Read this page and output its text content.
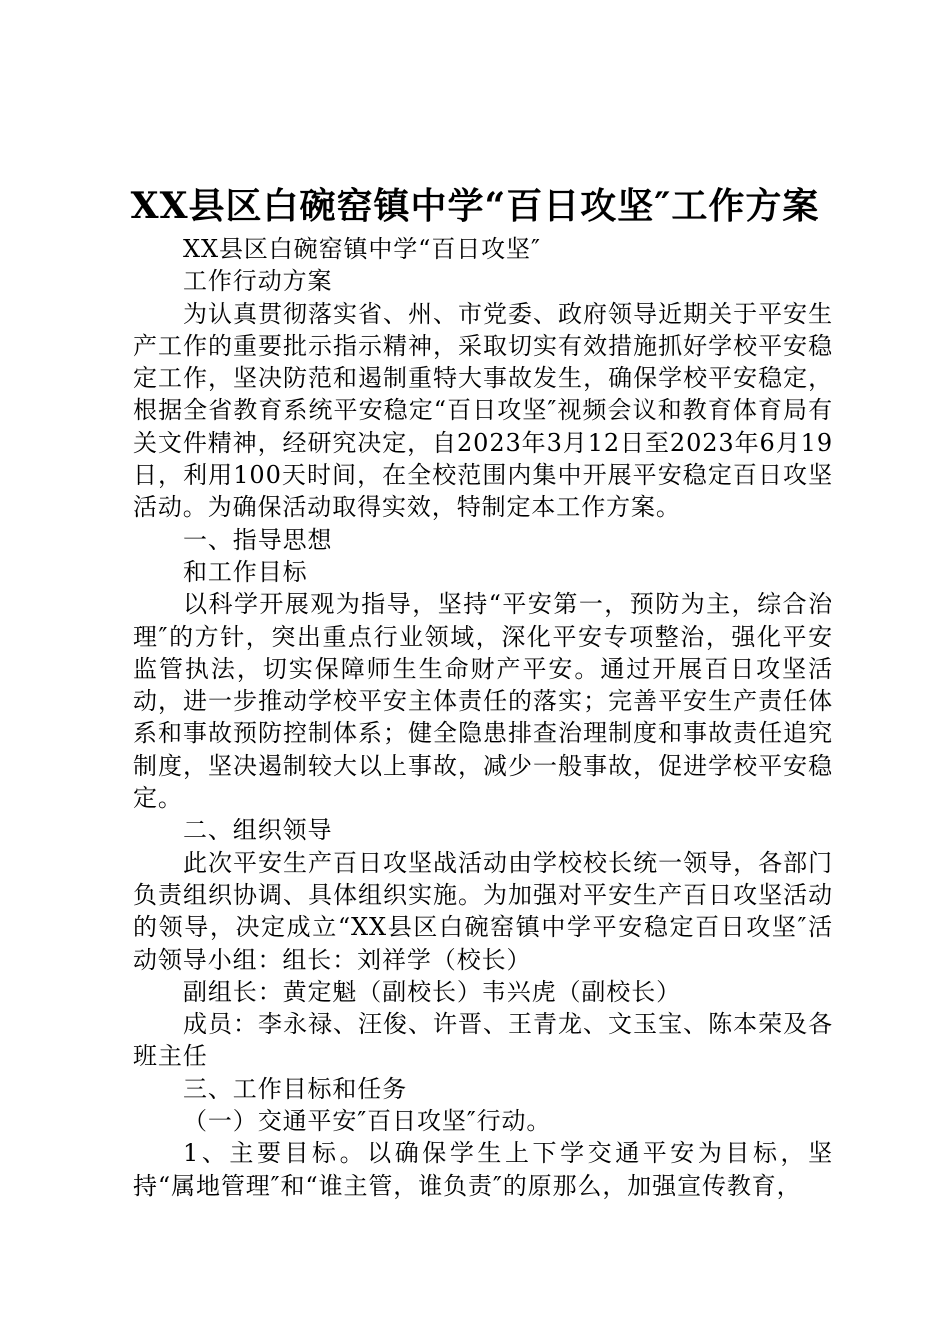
XX县区白碗窑镇中学“百日攻坚″工作方案

XX县区白碗窑镇中学“百日攻坚″

工作行动方案

为认真贯彻落实省、州、市党委、政府领导近期关于平安生产工作的重要批示指示精神，采取切实有效措施抓好学校平安稳定工作，坚决防范和遏制重特大事故发生，确保学校平安稳定，根据全省教育系统平安稳定“百日攻坚″视频会议和教育体育局有关文件精神，经研究决定，自2023年3月12日至2023年6月19日，利用100天时间，在全校范围内集中开展平安稳定百日攻坚活动。为确保活动取得实效，特制定本工作方案。

一、指导思想

和工作目标

以科学开展观为指导，坚持“平安第一，预防为主，综合治理″的方针，突出重点行业领域，深化平安专项整治，强化平安监管执法，切实保障师生生命财产平安。通过开展百日攻坚活动，进一步推动学校平安主体责任的落实；完善平安生产责任体系和事故预防控制体系；健全隐患排查治理制度和事故责任追究制度，坚决遏制较大以上事故，减少一般事故，促进学校平安稳定。

二、组织领导

此次平安生产百日攻坚战活动由学校校长统一领导，各部门负责组织协调、具体组织实施。为加强对平安生产百日攻坚活动的领导，决定成立“XX县区白碗窑镇中学平安稳定百日攻坚″活动领导小组：组长：刘祥学（校长）

副组长：黄定魁（副校长）韦兴虎（副校长）

成员：李永禄、汪俊、许晋、王青龙、文玉宝、陈本荣及各班主任

三、工作目标和任务

（一）交通平安″百日攻坚″行动。

1、主要目标。以确保学生上下学交通平安为目标，坚持“属地管理″和“谁主管，谁负责″的原那么，加强宣传教育，
